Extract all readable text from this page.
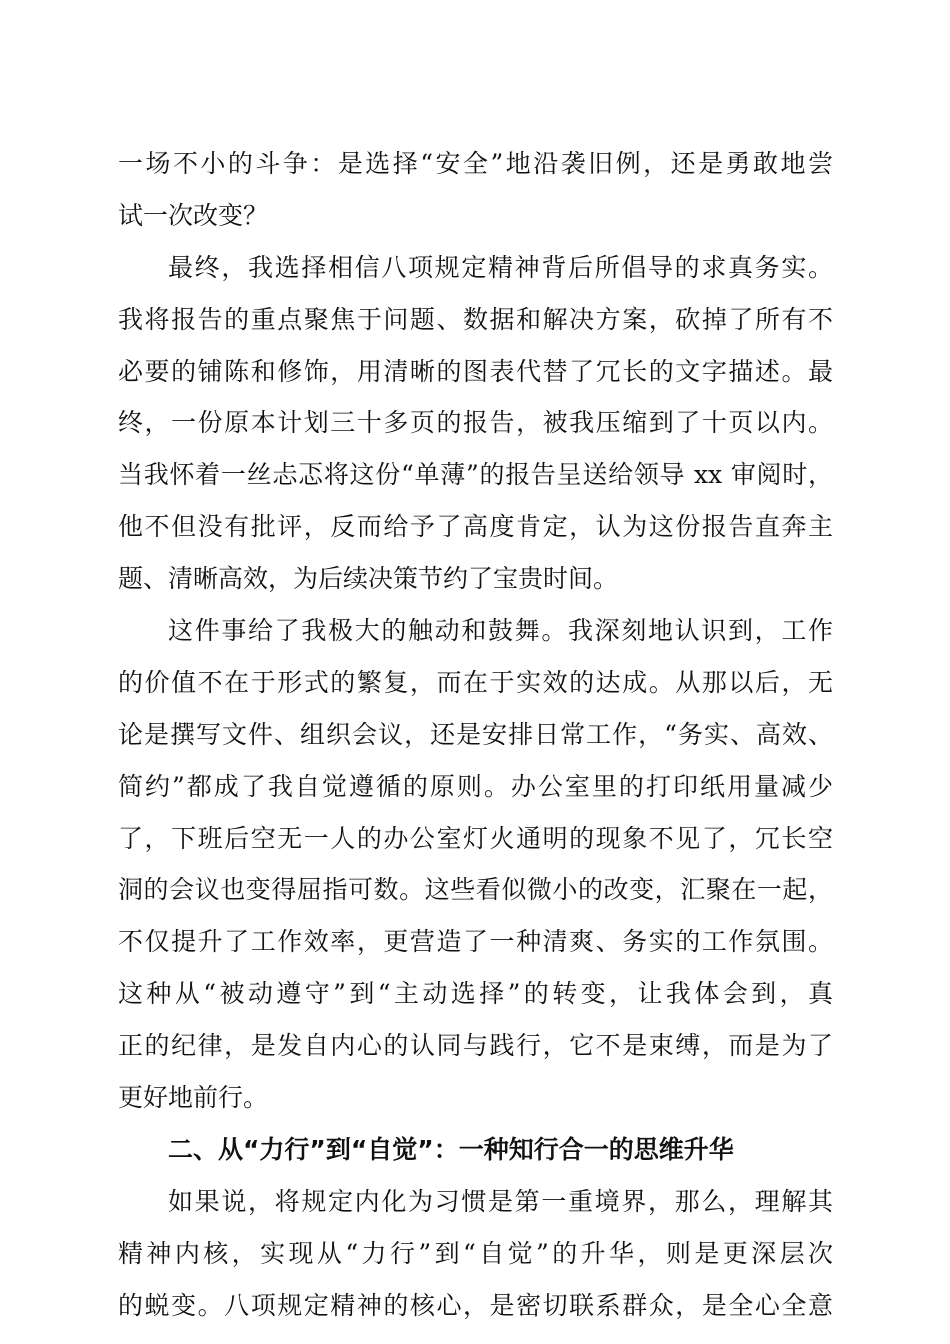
一场不小的斗争：是选择“安全”地沿袭旧例，还是勇敢地尝
试一次改变？
最终，我选择相信八项规定精神背后所倡导的求真务实。
我将报告的重点聚焦于问题、数据和解决方案，砍掉了所有不
必要的铺陈和修饰，用清晰的图表代替了冗长的文字描述。最
终，一份原本计划三十多页的报告，被我压缩到了十页以内。
当我怀着一丝忐忑将这份“单薄”的报告呈送给领导 xx 审阅时，
他不但没有批评，反而给予了高度肯定，认为这份报告直奔主
题、清晰高效，为后续决策节约了宝贵时间。
这件事给了我极大的触动和鼓舞。我深刻地认识到，工作
的价值不在于形式的繁复，而在于实效的达成。从那以后，无
论是撰写文件、组织会议，还是安排日常工作，“务实、高效、
简约”都成了我自觉遵循的原则。办公室里的打印纸用量减少
了，下班后空无一人的办公室灯火通明的现象不见了，冗长空
洞的会议也变得屈指可数。这些看似微小的改变，汇聚在一起，
不仅提升了工作效率，更营造了一种清爽、务实的工作氛围。
这种从“被动遵守”到“主动选择”的转变，让我体会到，真
正的纪律，是发自内心的认同与践行，它不是束缚，而是为了
更好地前行。
二、从“力行”到“自觉”：一种知行合一的思维升华
如果说，将规定内化为习惯是第一重境界，那么，理解其
精神内核，实现从“力行”到“自觉”的升华，则是更深层次
的蜕变。八项规定精神的核心，是密切联系群众，是全心全意
